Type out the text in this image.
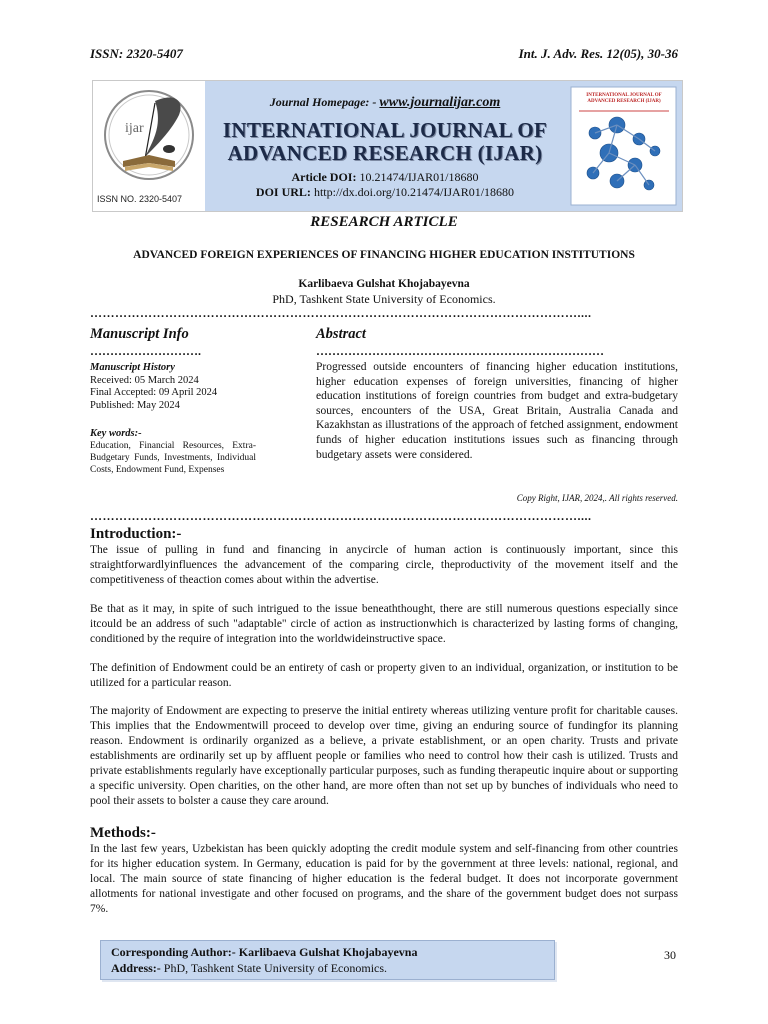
ISSN: 2320-5407	Int. J. Adv. Res. 12(05), 30-36
ijar
ISSN NO. 2320-5407
Journal Homepage: - www.journalijar.com
INTERNATIONAL JOURNAL OF
ADVANCED RESEARCH (IJAR)
Article DOI: 10.21474/IJAR01/18680
DOI URL: http://dx.doi.org/10.21474/IJAR01/18680
INTERNATIONAL JOURNAL OF ADVANCED RESEARCH (IJAR)
RESEARCH ARTICLE
ADVANCED FOREIGN EXPERIENCES OF FINANCING HIGHER EDUCATION INSTITUTIONS
Karlibaeva Gulshat Khojabayevna
PhD, Tashkent State University of Economics.
………………………………………………………………………………………………………....
Manuscript Info
……………………….
Manuscript History
Received: 05 March 2024
Final Accepted: 09 April 2024
Published: May 2024
Key words:-
Education, Financial Resources, Extra-Budgetary Funds, Investments, Individual Costs, Endowment Fund, Expenses
Abstract
………………………………………………………………
Progressed outside encounters of financing higher education institutions, higher education expenses of foreign universities, financing of higher education institutions of foreign countries from budget and extra-budgetary sources, encounters of the USA, Great Britain, Australia Canada and Kazakhstan as illustrations of the approach of fetched assignment, endowment funds of higher education institutions issues such as financing through budgetary assets were considered.
Copy Right, IJAR, 2024,. All rights reserved.
………………………………………………………………………………………………………....
Introduction:-
The issue of pulling in fund and financing in anycircle of human action is continuously important, since this straightforwardlyinfluences the advancement of the comparing circle, theproductivity of the movement itself and the competitiveness of theaction comes about within the advertise.
Be that as it may, in spite of such intrigued to the issue beneaththought, there are still numerous questions especially since itcould be an address of such "adaptable" circle of action as instructionwhich is characterized by lasting forms of changing, conditioned by the require of integration into the worldwideinstructive space.
The definition of Endowment could be an entirety of cash or property given to an individual, organization, or institution to be utilized for a particular reason.
The majority of Endowment are expecting to preserve the initial entirety whereas utilizing venture profit for charitable causes. This implies that the Endowmentwill proceed to develop over time, giving an enduring source of fundingfor its planning reason. Endowment is ordinarily organized as a believe, a private establishment, or an open charity. Trusts and private establishments are ordinarily set up by affluent people or families who need to control how their cash is utilized. Trusts and private establishments regularly have exceptionally particular purposes, such as funding therapeutic inquire about or supporting a specific university. Open charities, on the other hand, are more often than not set up by bunches of individuals who need to pool their assets to bolster a cause they care around.
Methods:-
In the last few years, Uzbekistan has been quickly adopting the credit module system and self-financing from other countries for its higher education system. In Germany, education is paid for by the government at three levels: national, regional, and local. The main source of state financing of higher education is the federal budget. It does not incorporate government allotments for national investigate and other focused on programs, and the share of the government budget does not surpass 7%.
Corresponding Author:- Karlibaeva Gulshat Khojabayevna
Address:- PhD, Tashkent State University of Economics.
30
